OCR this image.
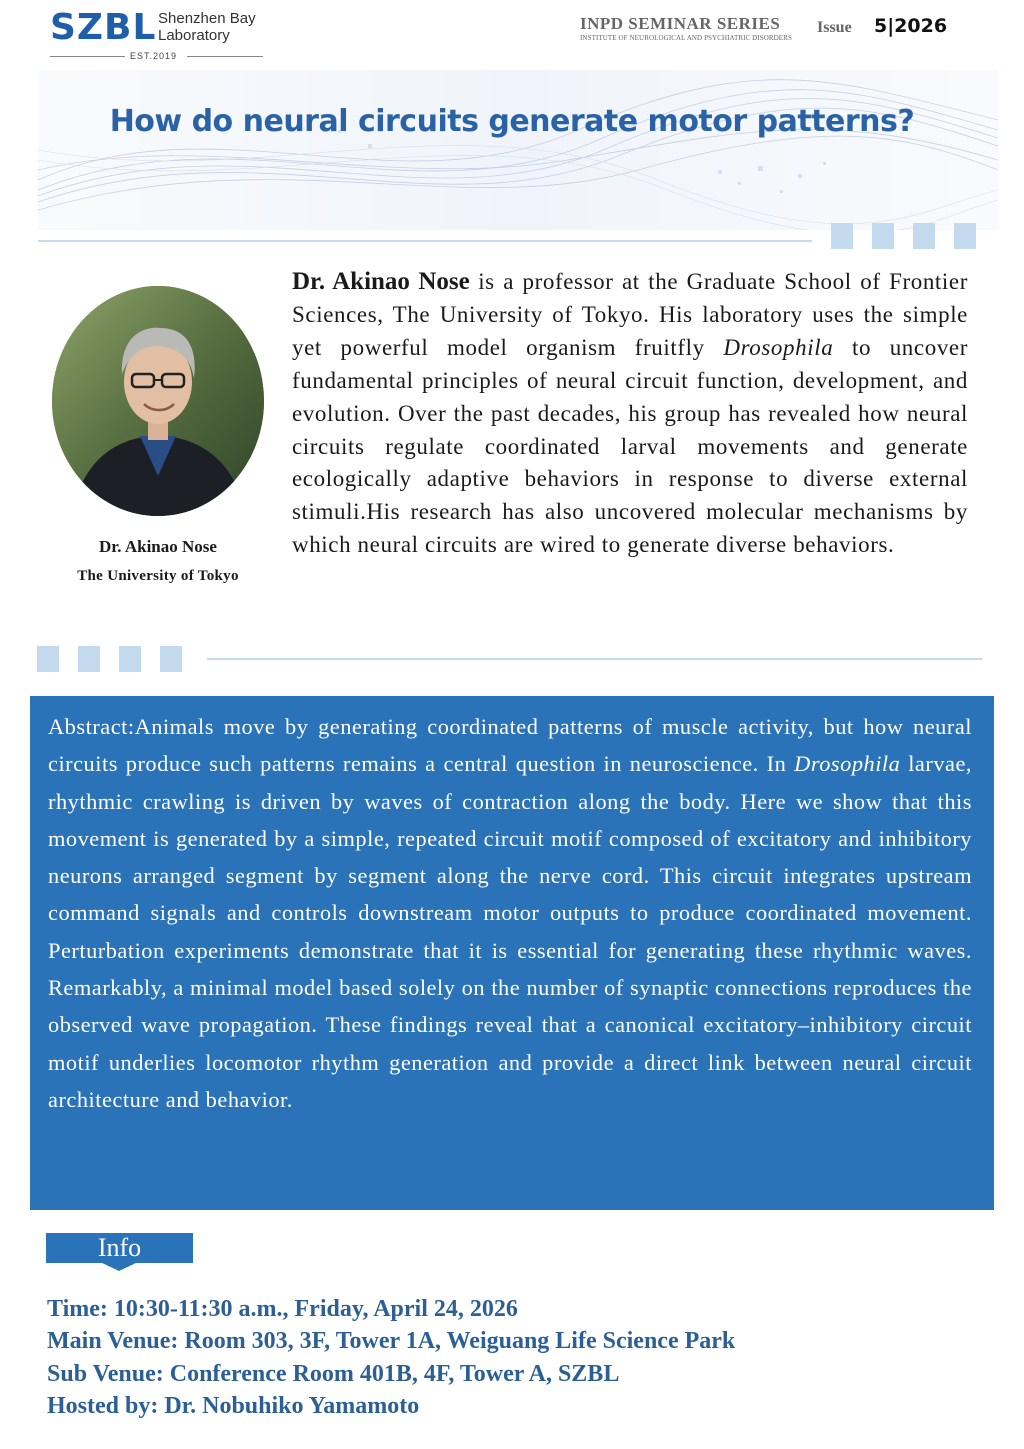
SZBL Shenzhen Bay
Laboratory
EST.2019
INPD SEMINAR SERIES
INSTITUTE OF NEUROLOGICAL AND PSYCHIATRIC DISORDERS
Issue 5|2026
How do neural circuits generate motor patterns?
Dr. Akinao Nose
The University of Tokyo
Dr. Akinao Nose is a professor at the Graduate School of Frontier Sciences, The University of Tokyo. His laboratory uses the simple yet powerful model organism fruitfly Drosophila to uncover fundamental principles of neural circuit function, development, and evolution. Over the past decades, his group has revealed how neural circuits regulate coordinated larval movements and generate ecologically adaptive behaviors in response to diverse external stimuli.His research has also uncovered molecular mechanisms by which neural circuits are wired to generate diverse behaviors.
Abstract:Animals move by generating coordinated patterns of muscle activity, but how neural circuits produce such patterns remains a central question in neuroscience. In Drosophila larvae, rhythmic crawling is driven by waves of contraction along the body. Here we show that this movement is generated by a simple, repeated circuit motif composed of excitatory and inhibitory neurons arranged segment by segment along the nerve cord. This circuit integrates upstream command signals and controls downstream motor outputs to produce coordinated movement. Perturbation experiments demonstrate that it is essential for generating these rhythmic waves. Remarkably, a minimal model based solely on the number of synaptic connections reproduces the observed wave propagation. These findings reveal that a canonical excitatory–inhibitory circuit motif underlies locomotor rhythm generation and provide a direct link between neural circuit architecture and behavior.
Info
Time: 10:30-11:30 a.m., Friday, April 24, 2026
Main Venue: Room 303, 3F, Tower 1A, Weiguang Life Science Park
Sub Venue: Conference Room 401B, 4F, Tower A, SZBL
Hosted by: Dr. Nobuhiko Yamamoto
